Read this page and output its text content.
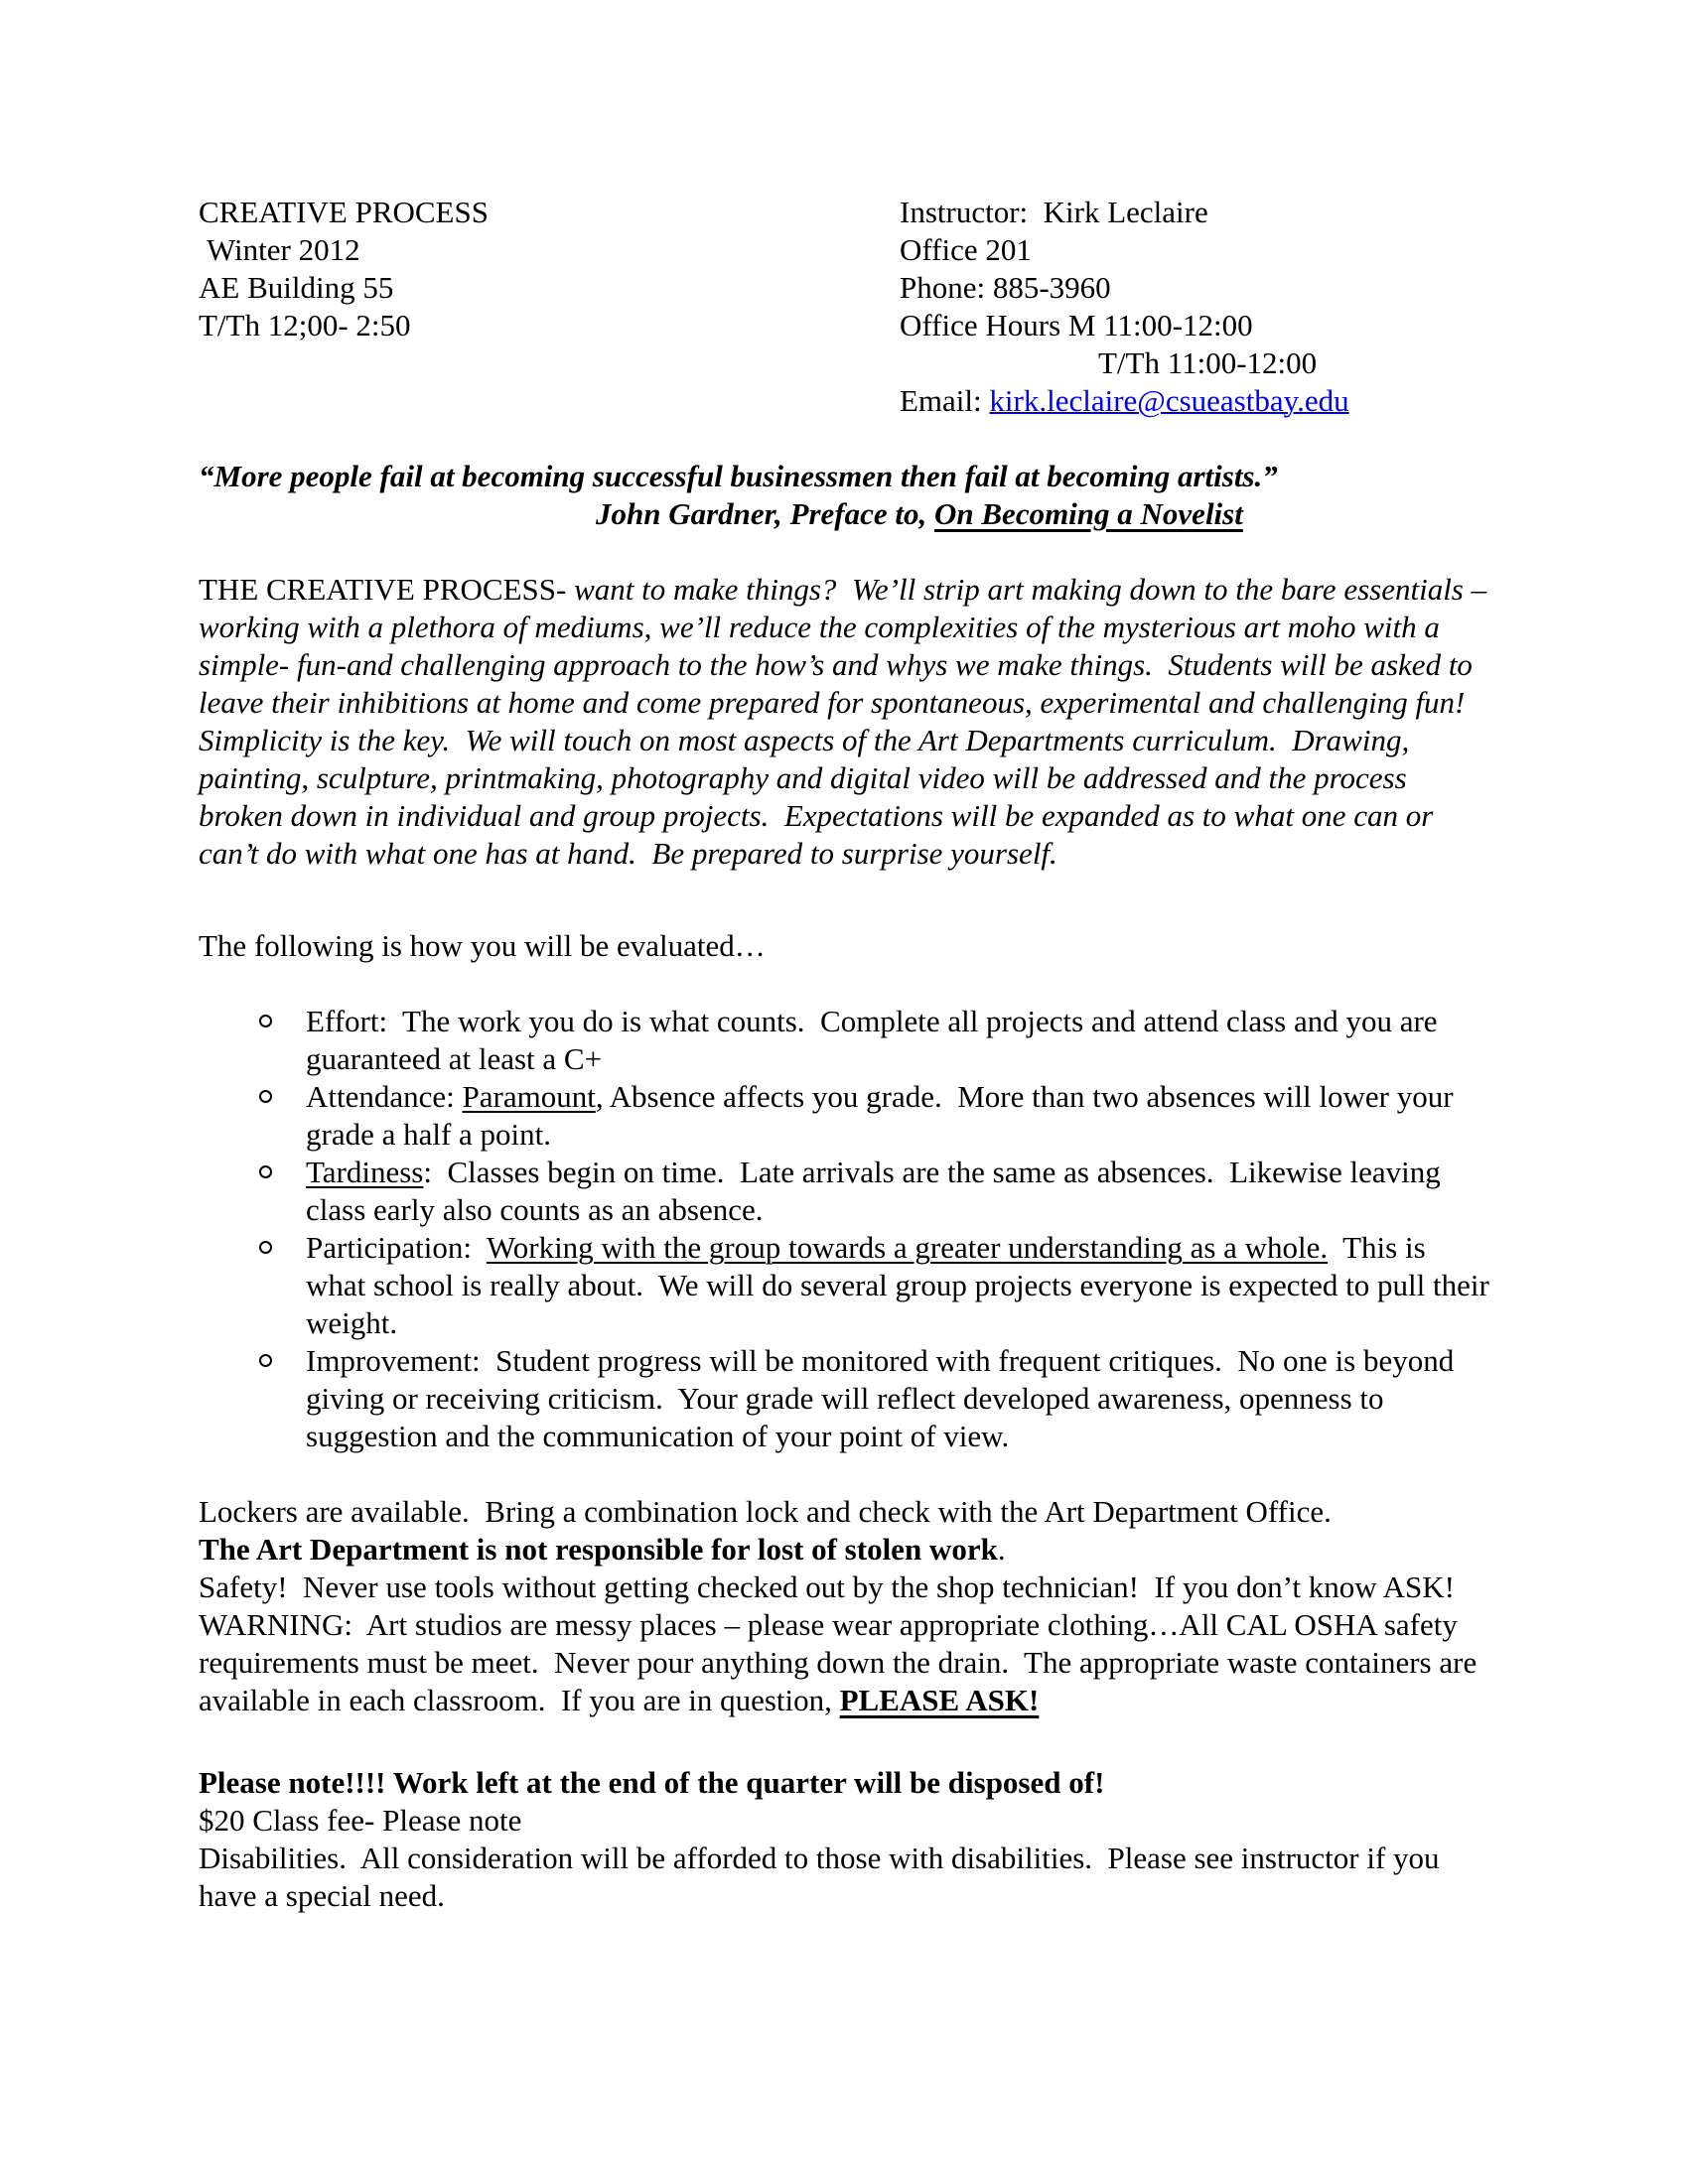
CREATIVE PROCESS
Winter 2012
AE Building 55
T/Th 12;00- 2:50
Instructor:  Kirk Leclaire
Office 201
Phone: 885-3960
Office Hours M 11:00-12:00
T/Th 11:00-12:00
Email: kirk.leclaire@csueastbay.edu
“More people fail at becoming successful businessmen then fail at becoming artists.”
John Gardner, Preface to, On Becoming a Novelist
THE CREATIVE PROCESS- want to make things?  We’ll strip art making down to the bare essentials – working with a plethora of mediums, we’ll reduce the complexities of the mysterious art moho with a simple- fun-and challenging approach to the how’s and whys we make things.  Students will be asked to leave their inhibitions at home and come prepared for spontaneous, experimental and challenging fun!  Simplicity is the key.  We will touch on most aspects of the Art Departments curriculum.  Drawing, painting, sculpture, printmaking, photography and digital video will be addressed and the process broken down in individual and group projects.  Expectations will be expanded as to what one can or can’t do with what one has at hand.  Be prepared to surprise yourself.
The following is how you will be evaluated…
Effort:  The work you do is what counts.  Complete all projects and attend class and you are guaranteed at least a C+
Attendance: Paramount, Absence affects you grade.  More than two absences will lower your grade a half a point.
Tardiness:  Classes begin on time.  Late arrivals are the same as absences.  Likewise leaving class early also counts as an absence.
Participation:  Working with the group towards a greater understanding as a whole.  This is what school is really about.  We will do several group projects everyone is expected to pull their weight.
Improvement:  Student progress will be monitored with frequent critiques.  No one is beyond giving or receiving criticism.  Your grade will reflect developed awareness, openness to suggestion and the communication of your point of view.
Lockers are available.  Bring a combination lock and check with the Art Department Office.
The Art Department is not responsible for lost of stolen work.
Safety!  Never use tools without getting checked out by the shop technician!  If you don’t know ASK! WARNING:  Art studios are messy places – please wear appropriate clothing…All CAL OSHA safety requirements must be meet.  Never pour anything down the drain.  The appropriate waste containers are available in each classroom.  If you are in question, PLEASE ASK!
Please note!!!! Work left at the end of the quarter will be disposed of!
$20 Class fee- Please note
Disabilities.  All consideration will be afforded to those with disabilities.  Please see instructor if you have a special need.
